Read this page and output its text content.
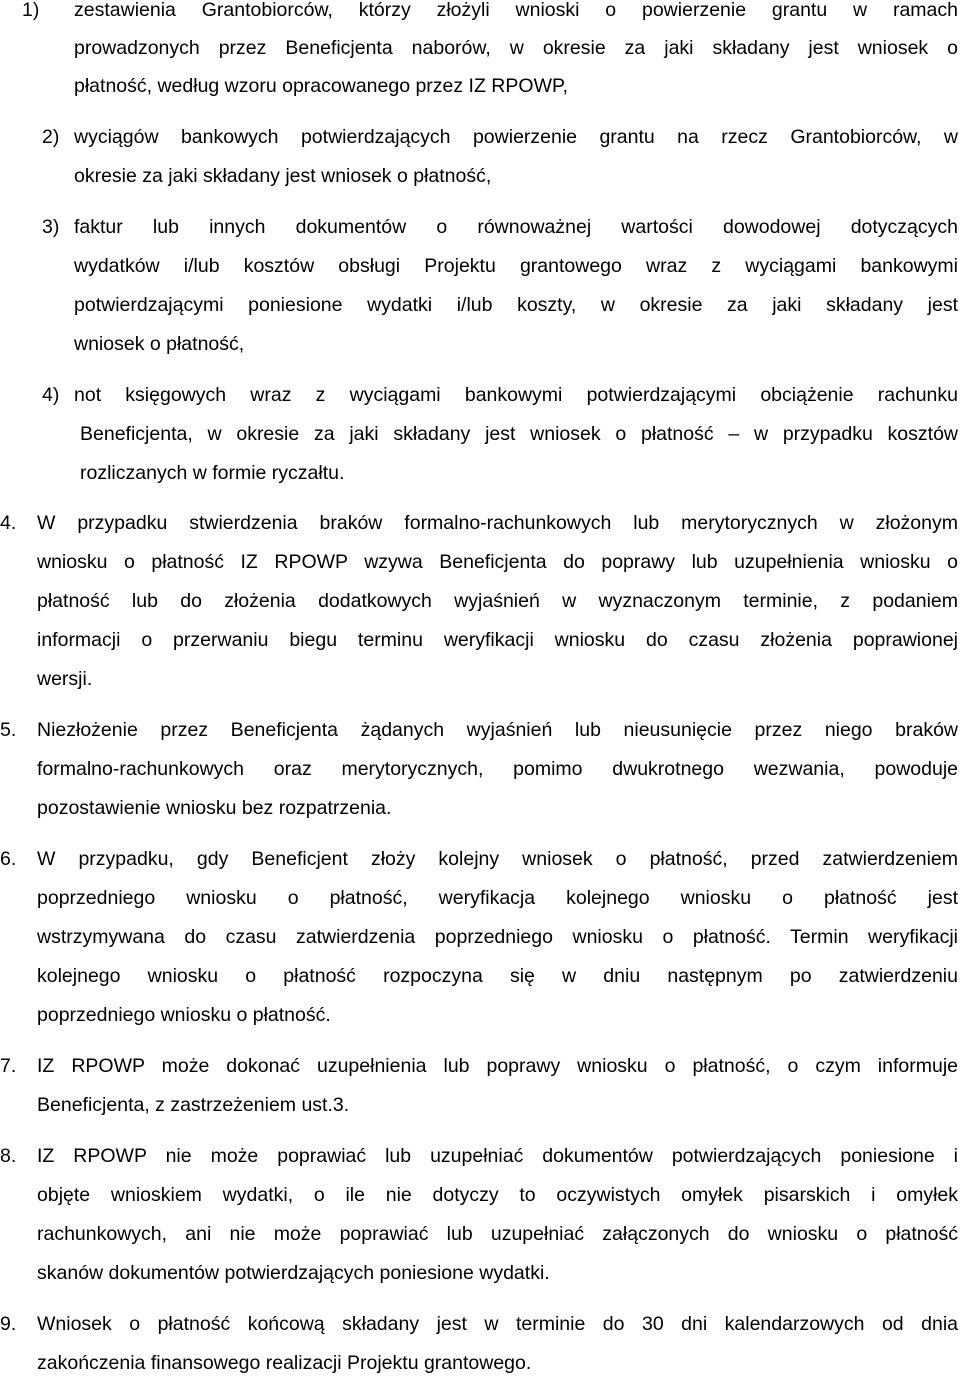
1) zestawienia Grantobiorców, którzy złożyli wnioski o powierzenie grantu w ramach
prowadzonych przez Beneficjenta naborów, w okresie za jaki składany jest wniosek o
płatność, według wzoru opracowanego przez IZ RPOWP,
2) wyciągów bankowych potwierdzających powierzenie grantu na rzecz Grantobiorców, w
okresie za jaki składany jest wniosek o płatność,
3) faktur lub innych dokumentów o równoważnej wartości dowodowej dotyczących
wydatków i/lub kosztów obsługi Projektu grantowego wraz z wyciągami bankowymi
potwierdzającymi poniesione wydatki i/lub koszty, w okresie za jaki składany jest
wniosek o płatność,
4) not księgowych wraz z wyciągami bankowymi potwierdzającymi obciążenie rachunku
Beneficjenta, w okresie za jaki składany jest wniosek o płatność – w przypadku kosztów
rozliczanych w formie ryczałtu.
4. W przypadku stwierdzenia braków formalno-rachunkowych lub merytorycznych w złożonym
wniosku o płatność IZ RPOWP wzywa Beneficjenta do poprawy lub uzupełnienia wniosku o
płatność lub do złożenia dodatkowych wyjaśnień w wyznaczonym terminie, z podaniem
informacji o przerwaniu biegu terminu weryfikacji wniosku do czasu złożenia poprawionej
wersji.
5. Niezłożenie przez Beneficjenta żądanych wyjaśnień lub nieusunięcie przez niego braków
formalno-rachunkowych oraz merytorycznych, pomimo dwukrotnego wezwania, powoduje
pozostawienie wniosku bez rozpatrzenia.
6. W przypadku, gdy Beneficjent złoży kolejny wniosek o płatność, przed zatwierdzeniem
poprzedniego wniosku o płatność, weryfikacja kolejnego wniosku o płatność jest
wstrzymywana do czasu zatwierdzenia poprzedniego wniosku o płatność. Termin weryfikacji
kolejnego wniosku o płatność rozpoczyna się w dniu następnym po zatwierdzeniu
poprzedniego wniosku o płatność.
7. IZ RPOWP może dokonać uzupełnienia lub poprawy wniosku o płatność, o czym informuje
Beneficjenta, z zastrzeżeniem ust.3.
8. IZ RPOWP nie może poprawiać lub uzupełniać dokumentów potwierdzających poniesione i
objęte wnioskiem wydatki, o ile nie dotyczy to oczywistych omyłek pisarskich i omyłek
rachunkowych, ani nie może poprawiać lub uzupełniać załączonych do wniosku o płatność
skanów dokumentów potwierdzających poniesione wydatki.
9. Wniosek o płatność końcową składany jest w terminie do 30 dni kalendarzowych od dnia
zakończenia finansowego realizacji Projektu grantowego.
